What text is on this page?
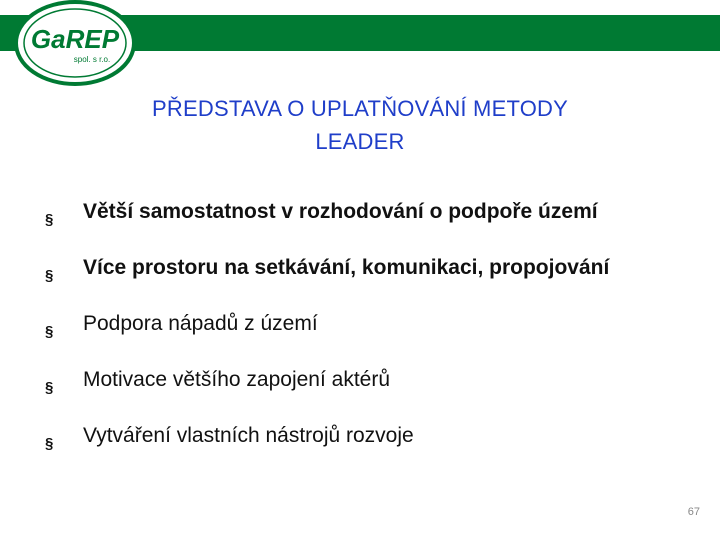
GaREP
spol. s r.o.
PŘEDSTAVA O UPLATŇOVÁNÍ METODY
LEADER
§ Větší samostatnost v rozhodování o podpoře území
§ Více prostoru na setkávání, komunikaci, propojování
§ Podpora nápadů z území
§ Motivace většího zapojení aktérů
§ Vytváření vlastních nástrojů rozvoje
67
